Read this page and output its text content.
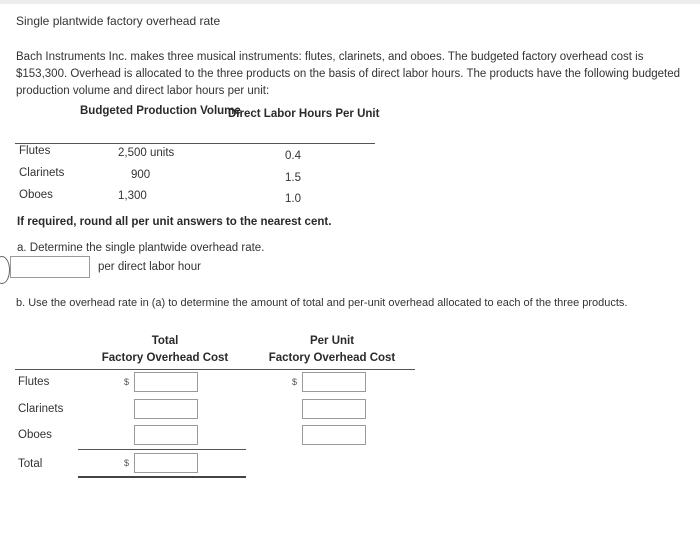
Single plantwide factory overhead rate
Bach Instruments Inc. makes three musical instruments: flutes, clarinets, and oboes. The budgeted factory overhead cost is $153,300. Overhead is allocated to the three products on the basis of direct labor hours. The products have the following budgeted production volume and direct labor hours per unit:
Budgeted Production Volume
Direct Labor Hours Per Unit
Flutes	2,500 units	0.4
Clarinets	900	1.5
Oboes	1,300	1.0
If required, round all per unit answers to the nearest cent.
a. Determine the single plantwide overhead rate.
per direct labor hour
b. Use the overhead rate in (a) to determine the amount of total and per-unit overhead allocated to each of the three products.
Total
Factory Overhead Cost
Per Unit
Factory Overhead Cost
Flutes	$	$
Clarinets
Oboes
Total	$
